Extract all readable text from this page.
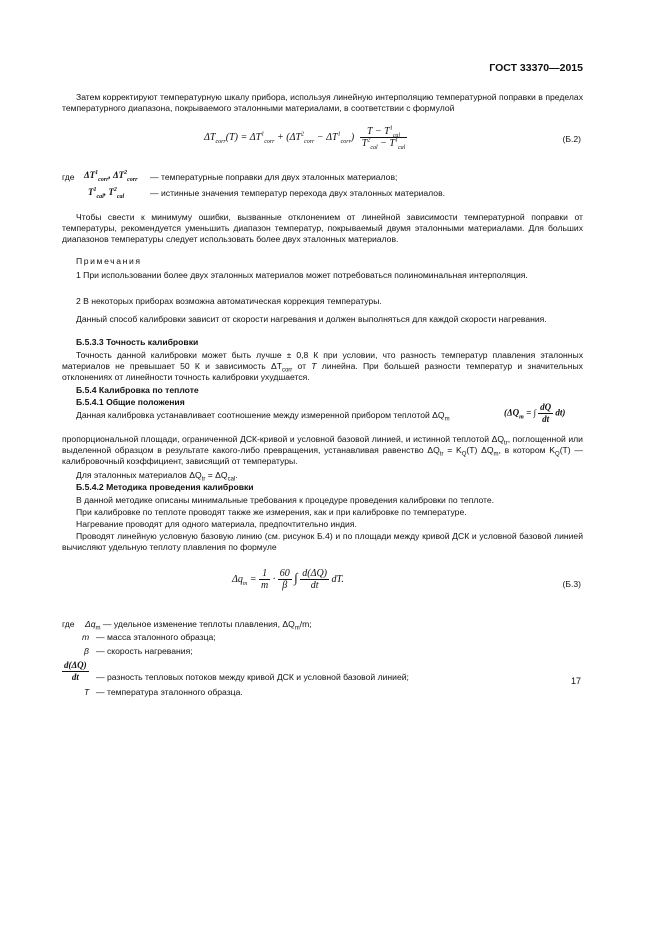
ГОСТ 33370—2015

Затем корректируют температурную шкалу прибора, используя линейную интерполяцию температурной поправки в пределах температурного диапазона, покрываемого эталонными материалами, в соответствии с формулой

$\Delta T_{corr}(T) = \Delta T^1_{corr} + (\Delta T^2_{corr} - \Delta T^1_{corr}) \frac{T - T^1_{cal}}{T^2_{cal} - T^1_{cal}}$	(Б.2)
где $\Delta T^1_{corr}$, $\Delta T^2_{corr}$ — температурные поправки для двух эталонных материалов;
$T^1_{cal}$, $T^2_{cal}$	— истинные значения температур перехода двух эталонных материалов.

Чтобы свести к минимуму ошибки, вызванные отклонением от линейной зависимости температурной поправки от температуры, рекомендуется уменьшить диапазон температур, покрываемый двумя эталонными материалами. Для больших диапазонов температуры следует использовать более двух эталонных материалов.

Примечания

1 При использовании более двух эталонных материалов может потребоваться полиноминальная интерполяция.

2 В некоторых приборах возможна автоматическая коррекция температуры.

Данный способ калибровки зависит от скорости нагревания и должен выполняться для каждой скорости нагревания.

Б.5.3.3 Точность калибровки

Точность данной калибровки может быть лучше ± 0,8 К при условии, что разность температур плавления эталонных материалов не превышает 50 К и зависимость $\Delta T_{corr}$ от T линейна. При большей разности температур и значительных отклонениях от линейности точность калибровки ухудшается.

Б.5.4 Калибровка по теплоте
Б.5.4.1 Общие положения
Данная калибровка устанавливает соотношение между измеренной прибором теплотой $\Delta Q_m$
($\Delta Q_m$ = ∫ $\frac{dQ}{dt} dt$)

пропорциональной площади, ограниченной ДСК-кривой и условной базовой линией, и истинной теплотой $\Delta Q_{tr}$, поглощенной или выделенной образцом в результате какого-либо превращения, устанавливая равенство $\Delta Q_{tr} = K_Q(T)$ $\Delta Q_m$, в котором $K_Q(T)$ — калибровочный коэффициент, зависящий от температуры.

Для эталонных материалов $\Delta Q_{tr} = \Delta Q_{cal}$.
Б.5.4.2 Методика проведения калибровки

В данной методике описаны минимальные требования к процедуре проведения калибровки по теплоте.

При калибровке по теплоте проводят также же измерения, как и при калибровке по температуре.

Нагревание проводят для одного материала, предпочтительно индия.

Проводят линейную условную базовую линию (см. рисунок Б.4) и по площади между кривой ДСК и условной базовой линией вычисляют удельную теплоту плавления по формуле

$\Delta q_m = \frac{1}{m} \cdot \frac{60}{\beta}$ ∫ $\frac{d(\Delta Q)}{dt}$ dT.	(Б.3)
где $\Delta q_m$ — удельное изменение теплоты плавления, $\Delta Q_m/m$;
m — масса эталонного образца;
β — скорость нагревания;
$\frac{d(\Delta Q)}{dt}$ — разность тепловых потоков между кривой ДСК и условной базовой линией;
T — температура эталонного образца.
17
